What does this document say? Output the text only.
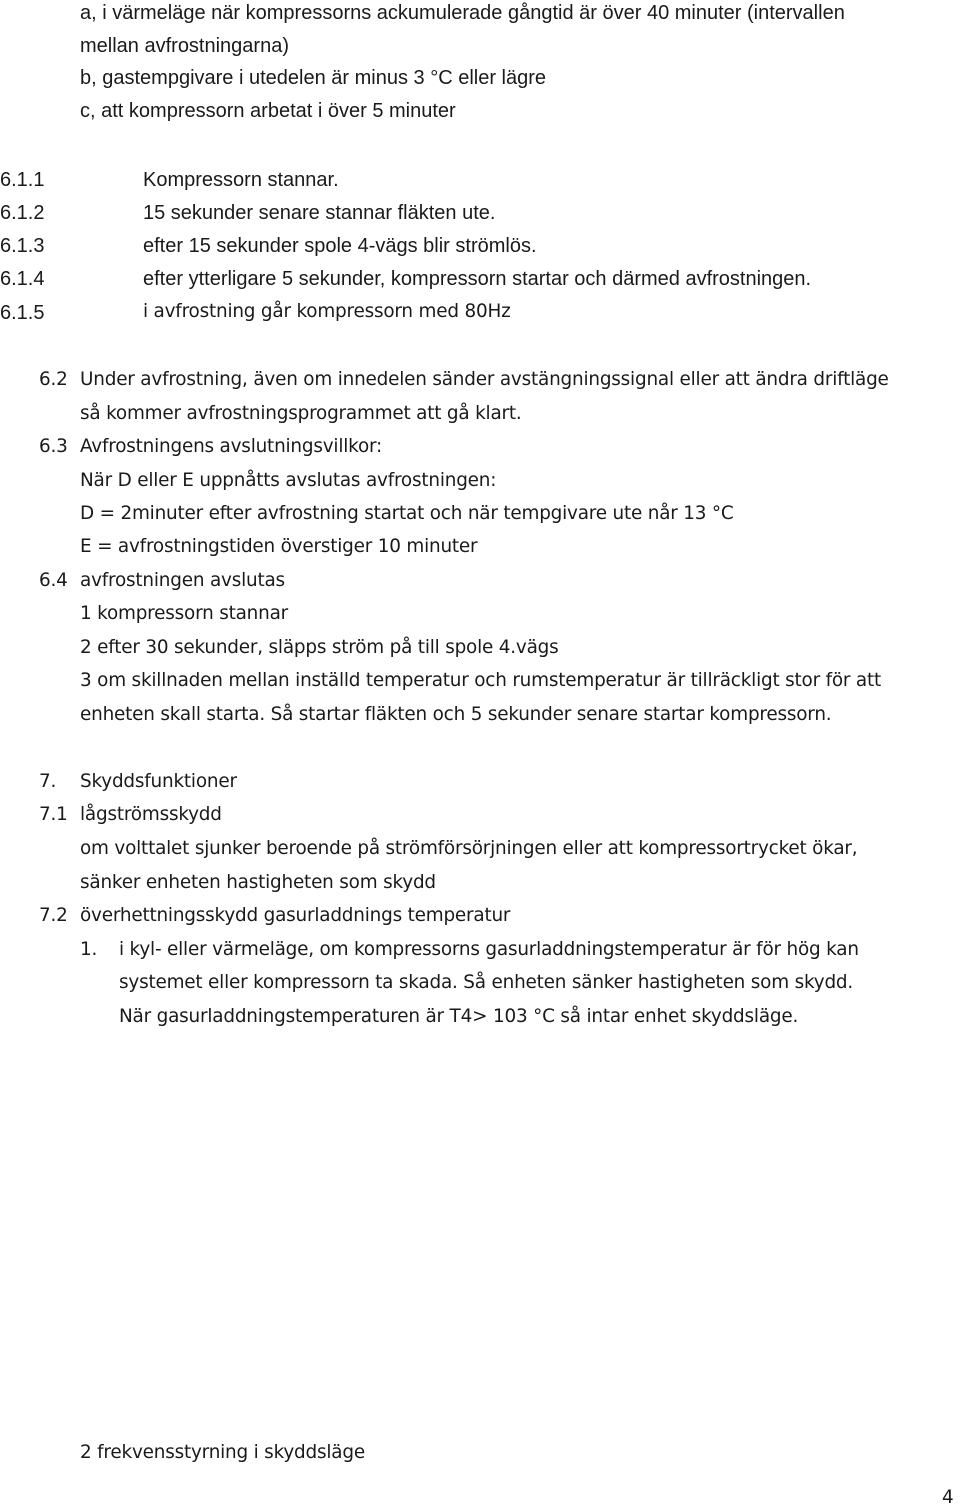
a, i värmeläge när kompressorns ackumulerade gångtid är över 40 minuter (intervallen
mellan avfrostningarna)
b, gastempgivare i utedelen är minus 3 °C eller lägre
c, att kompressorn arbetat i över 5 minuter
6.1.1	Kompressorn stannar.
6.1.2	15 sekunder senare stannar fläkten ute.
6.1.3	efter 15 sekunder spole 4-vägs blir strömlös.
6.1.4	efter ytterligare 5 sekunder, kompressorn startar och därmed avfrostningen.
6.1.5	i avfrostning går kompressorn med 80Hz
6.2 Under avfrostning, även om innedelen sänder avstängningssignal eller att ändra driftläge
så kommer avfrostningsprogrammet att gå klart.
6.3 Avfrostningens avslutningsvillkor:
När D eller E uppnåtts avslutas avfrostningen:
D = 2minuter efter avfrostning startat och när tempgivare ute når 13 °C
E = avfrostningstiden överstiger 10 minuter
6.4 avfrostningen avslutas
1 kompressorn stannar
2 efter 30 sekunder, släpps ström på till spole 4.vägs
3 om skillnaden mellan inställd temperatur och rumstemperatur är tillräckligt stor för att
enheten skall starta. Så startar fläkten och 5 sekunder senare startar kompressorn.
7. Skyddsfunktioner
7.1 lågströmsskydd
om volttalet sjunker beroende på strömförsörjningen eller att kompressortrycket ökar,
sänker enheten hastigheten som skydd
7.2 överhettningsskydd gasurladdnings temperatur
1. i kyl- eller värmeläge, om kompressorns gasurladdningstemperatur är för hög kan
systemet eller kompressorn ta skada. Så enheten sänker hastigheten som skydd.
När gasurladdningstemperaturen är T4> 103 °C så intar enhet skyddsläge.
2 frekvensstyrning i skyddsläge
4
